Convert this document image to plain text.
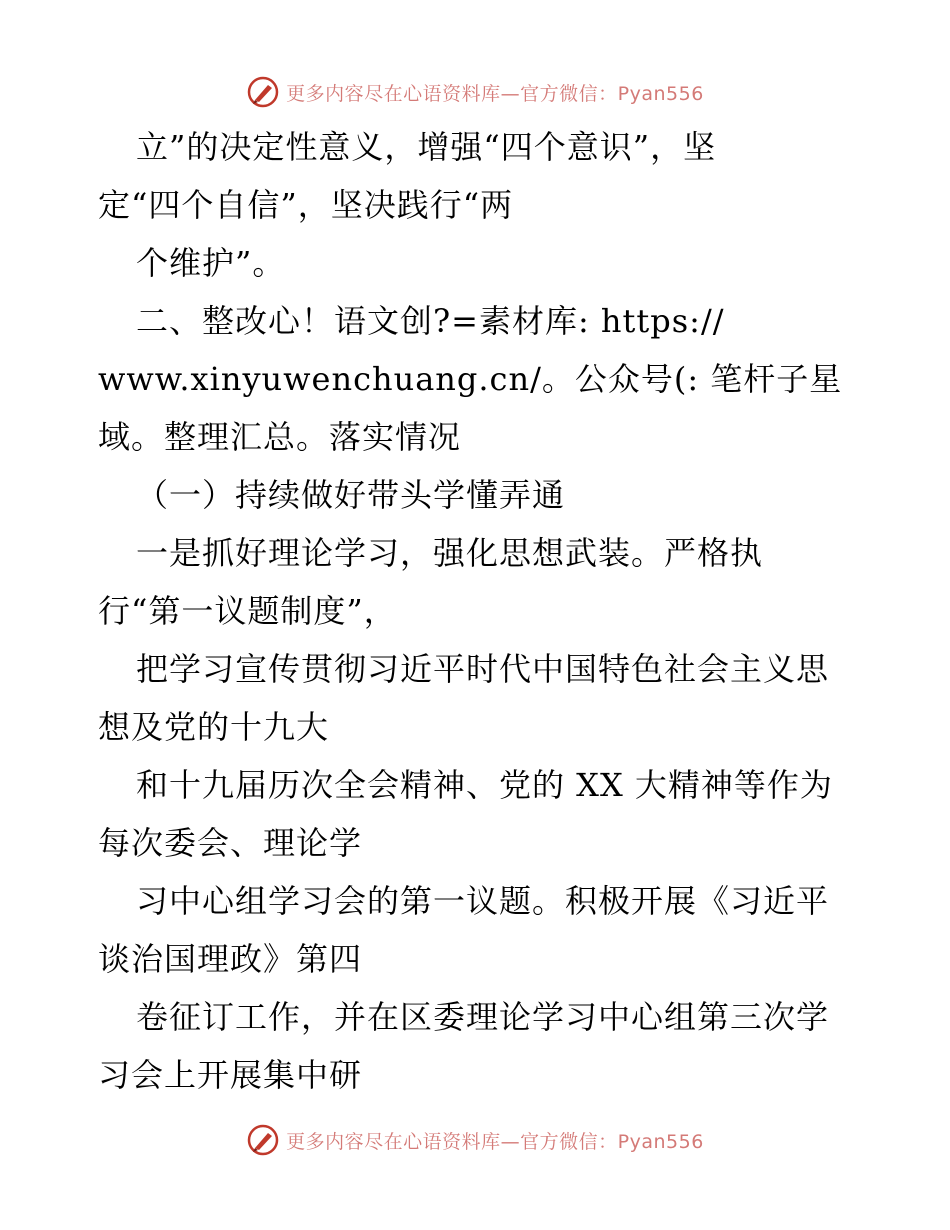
更多内容尽在心语资料库—官方微信：Pyan556
立”的决定性意义，增强“四个意识”，坚
定“四个自信”，坚决践行“两
个维护”。
二、整改心！语文创?=素材库: https://
www.xinyuwenchuang.cn/。公众号(: 笔杆子星
域。整理汇总。落实情况
（一）持续做好带头学懂弄通
一是抓好理论学习，强化思想武装。严格执
行“第一议题制度”，
把学习宣传贯彻习近平时代中国特色社会主义思
想及党的十九大
和十九届历次全会精神、党的 XX 大精神等作为
每次委会、理论学
习中心组学习会的第一议题。积极开展《习近平
谈治国理政》第四
卷征订工作，并在区委理论学习中心组第三次学
习会上开展集中研
更多内容尽在心语资料库—官方微信：Pyan556
